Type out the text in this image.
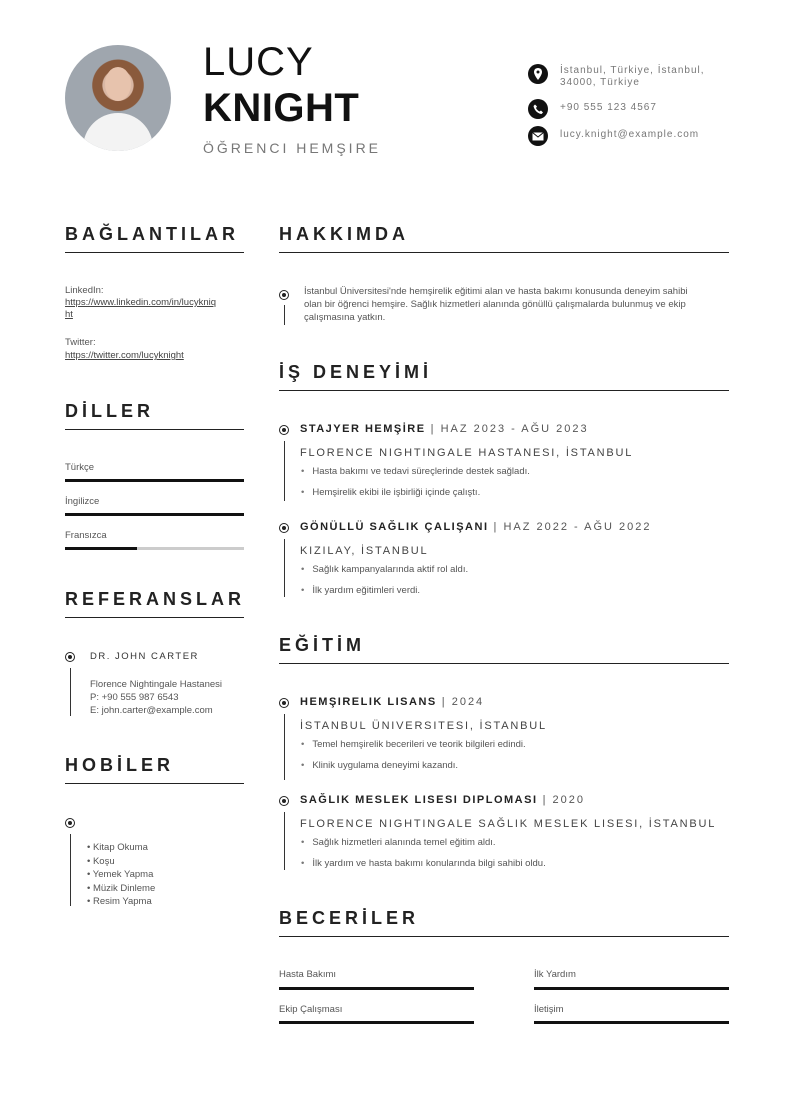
LUCY
KNIGHT
ÖĞRENCI HEMŞIRE
İstanbul, Türkiye, İstanbul, 34000, Türkiye
+90 555 123 4567
lucy.knight@example.com
BAĞLANTILAR
LinkedIn:
https://www.linkedin.com/in/lucykniq
ht
Twitter:
https://twitter.com/lucyknight
DİLLER
Türkçe
İngilizce
Fransızca
REFERANSLAR
DR. JOHN CARTER
Florence Nightingale Hastanesi
P: +90 555 987 6543
E: john.carter@example.com
HOBİLER
• Kitap Okuma
• Koşu
• Yemek Yapma
• Müzik Dinleme
• Resim Yapma
HAKKIMDA
İstanbul Üniversitesi'nde hemşirelik eğitimi alan ve hasta bakımı konusunda deneyim sahibi
olan bir öğrenci hemşire. Sağlık hizmetleri alanında gönüllü çalışmalarda bulunmuş ve ekip
çalışmasına yatkın.
İŞ DENEYİMİ
STAJYER HEMŞİRE | HAZ 2023 - AĞU 2023
FLORENCE NIGHTINGALE HASTANESI, İSTANBUL
• Hasta bakımı ve tedavi süreçlerinde destek sağladı.
• Hemşirelik ekibi ile işbirliği içinde çalıştı.
GÖNÜLLÜ SAĞLIK ÇALIŞANI | HAZ 2022 - AĞU 2022
KIZILAY, İSTANBUL
• Sağlık kampanyalarında aktif rol aldı.
• İlk yardım eğitimleri verdi.
EĞİTİM
HEMŞIRELIK LISANS | 2024
İSTANBUL ÜNIVERSITESI, İSTANBUL
• Temel hemşirelik becerileri ve teorik bilgileri edindi.
• Klinik uygulama deneyimi kazandı.
SAĞLIK MESLEK LISESI DIPLOMASI | 2020
FLORENCE NIGHTINGALE SAĞLIK MESLEK LISESI, İSTANBUL
• Sağlık hizmetleri alanında temel eğitim aldı.
• İlk yardım ve hasta bakımı konularında bilgi sahibi oldu.
BECERİLER
Hasta Bakımı	İlk Yardım
Ekip Çalışması	İletişim
